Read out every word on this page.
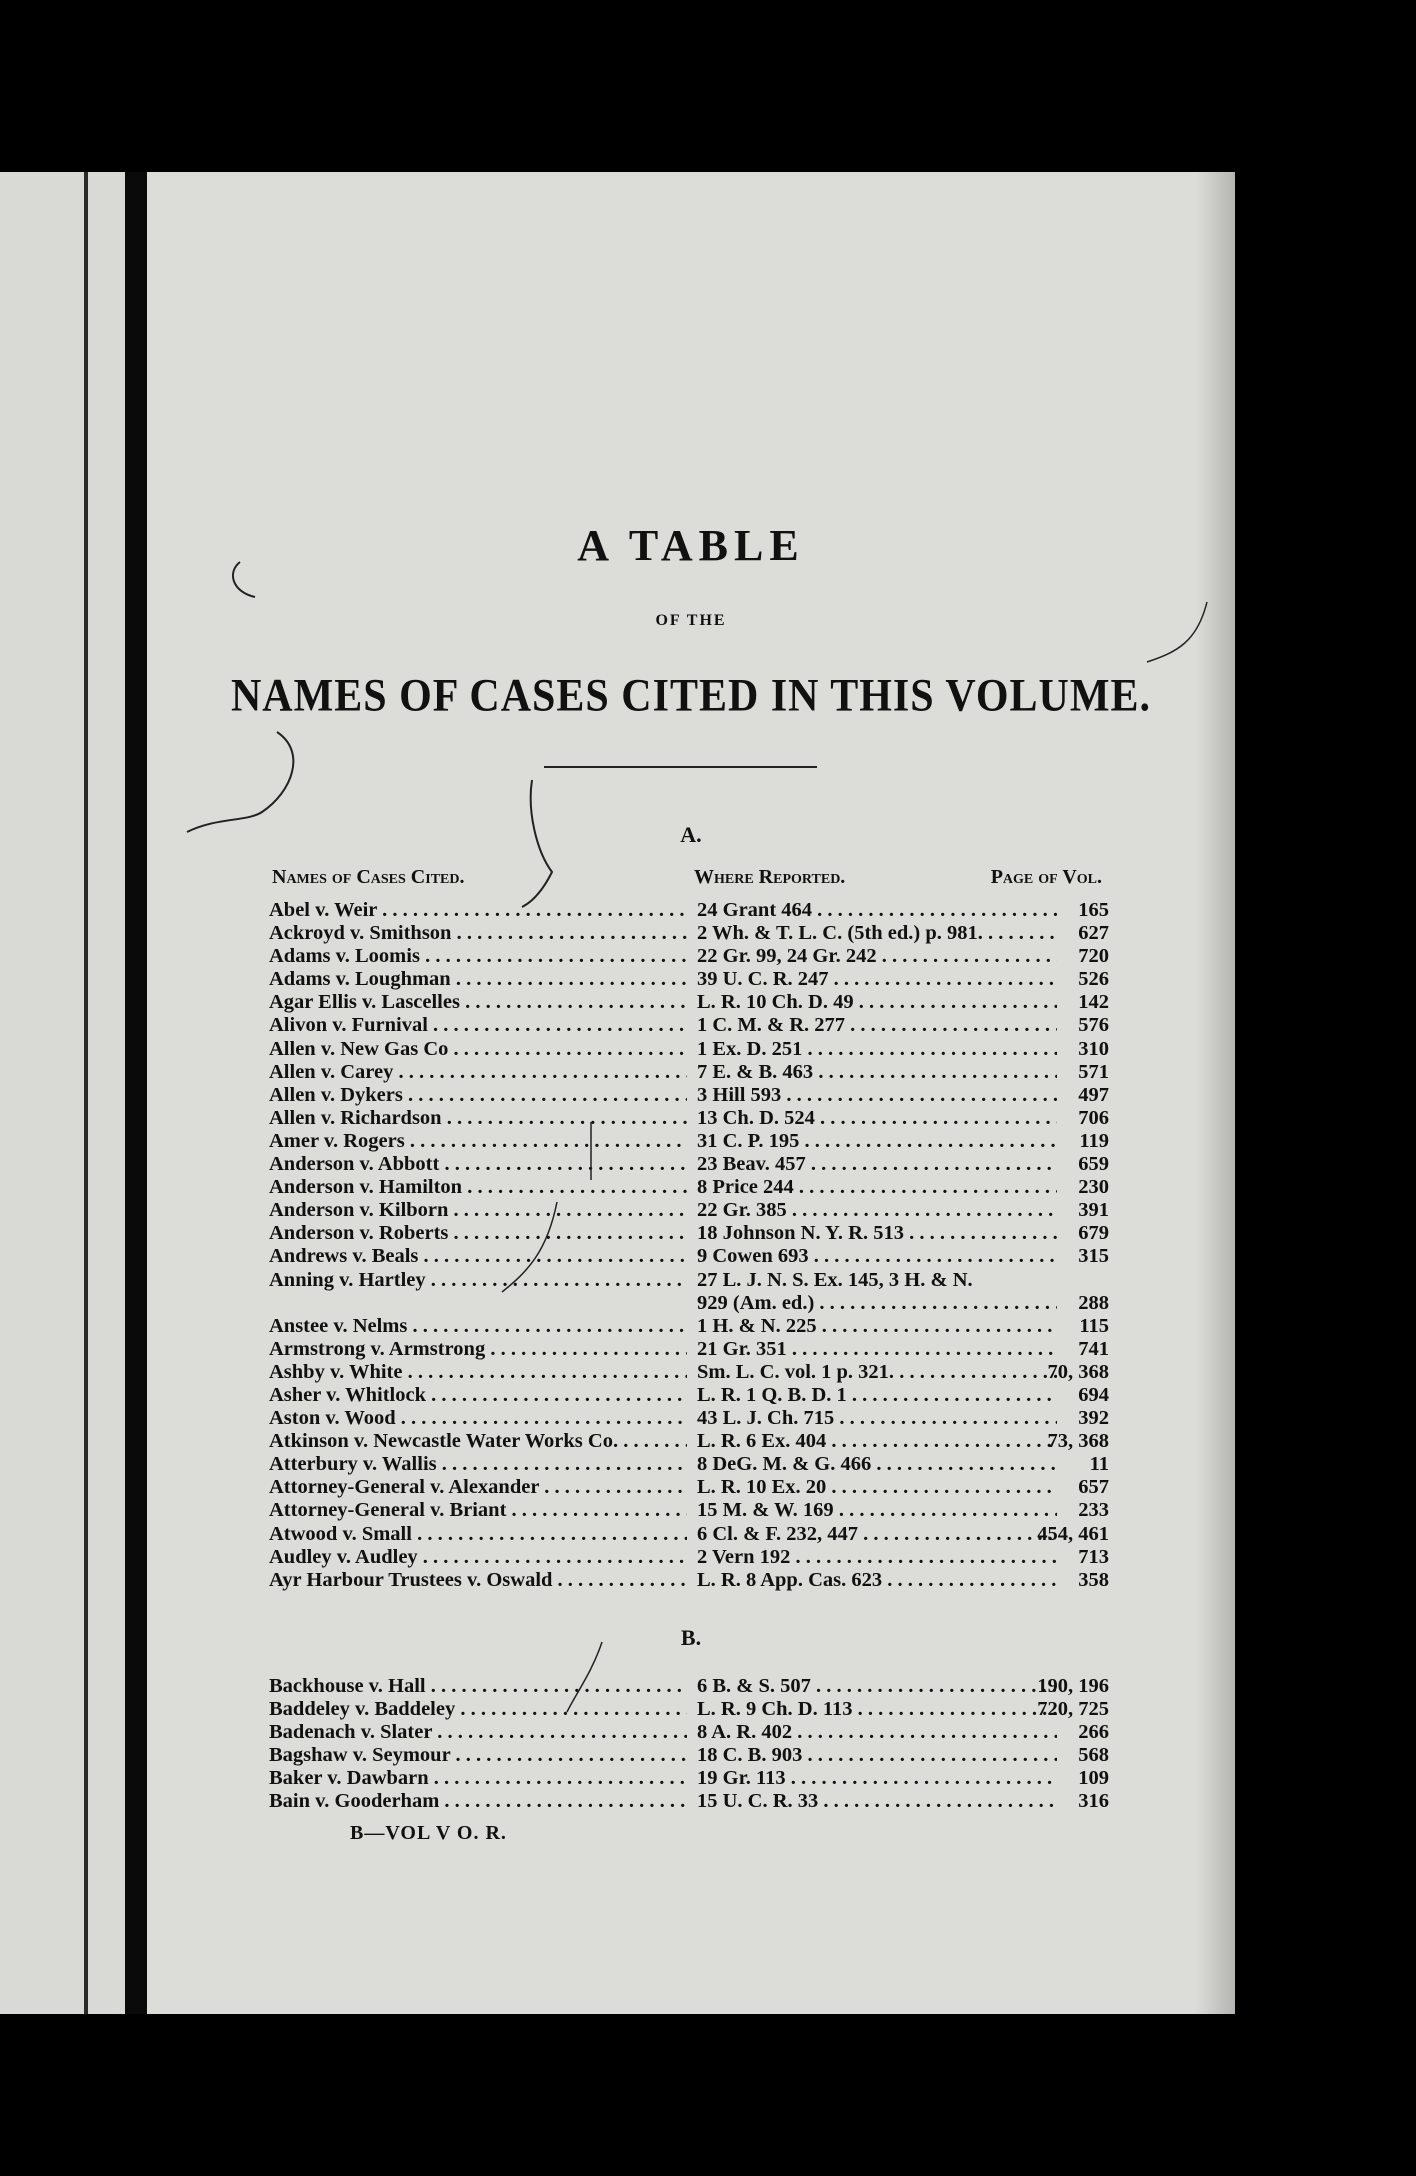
A TABLE
OF THE
NAMES OF CASES CITED IN THIS VOLUME.
A.
Names of Cases Cited.	Where Reported.	Page of Vol.
Abel v. Weir . . .	24 Grant 464 . . .	165
Ackroyd v. Smithson . . .	2 Wh. & T. L. C. (5th ed.) p. 981. . . .	627
Adams v. Loomis . . .	22 Gr. 99, 24 Gr. 242 . . .	720
Adams v. Loughman . . .	39 U. C. R. 247 . . .	526
Agar Ellis v. Lascelles . . .	L. R. 10 Ch. D. 49 . . .	142
Alivon v. Furnival . . .	1 C. M. & R. 277 . . .	576
Allen v. New Gas Co . . .	1 Ex. D. 251 . . .	310
Allen v. Carey . . .	7 E. & B. 463 . . .	571
Allen v. Dykers . . .	3 Hill 593 . . .	497
Allen v. Richardson . . .	13 Ch. D. 524 . . .	706
Amer v. Rogers . . .	31 C. P. 195 . . .	119
Anderson v. Abbott . . .	23 Beav. 457 . . .	659
Anderson v. Hamilton . . .	8 Price 244 . . .	230
Anderson v. Kilborn . . .	22 Gr. 385 . . .	391
Anderson v. Roberts . . .	18 Johnson N. Y. R. 513 . . .	679
Andrews v. Beals . . .	9 Cowen 693 . . .	315
Anning v. Hartley . . .	27 L. J. N. S. Ex. 145, 3 H. & N.
929 (Am. ed.) . . .	288
Anstee v. Nelms . . .	1 H. & N. 225 . . .	115
Armstrong v. Armstrong . . .	21 Gr. 351 . . .	741
Ashby v. White . . .	Sm. L. C. vol. 1 p. 321. . . .	70, 368
Asher v. Whitlock . . .	L. R. 1 Q. B. D. 1 . . .	694
Aston v. Wood . . .	43 L. J. Ch. 715 . . .	392
Atkinson v. Newcastle Water Works Co. . . .	L. R. 6 Ex. 404 . . .	73, 368
Atterbury v. Wallis . . .	8 DeG. M. & G. 466 . . .	11
Attorney-General v. Alexander . . .	L. R. 10 Ex. 20 . . .	657
Attorney-General v. Briant . . .	15 M. & W. 169 . . .	233
Atwood v. Small . . .	6 Cl. & F. 232, 447 . . .	454, 461
Audley v. Audley . . .	2 Vern 192 . . .	713
Ayr Harbour Trustees v. Oswald . . .	L. R. 8 App. Cas. 623 . . .	358
B.
Backhouse v. Hall . . .	6 B. & S. 507 . . .	190, 196
Baddeley v. Baddeley . . .	L. R. 9 Ch. D. 113 . . .	720, 725
Badenach v. Slater . . .	8 A. R. 402 . . .	266
Bagshaw v. Seymour . . .	18 C. B. 903 . . .	568
Baker v. Dawbarn . . .	19 Gr. 113 . . .	109
Bain v. Gooderham . . .	15 U. C. R. 33 . . .	316
B—VOL V O. R.
